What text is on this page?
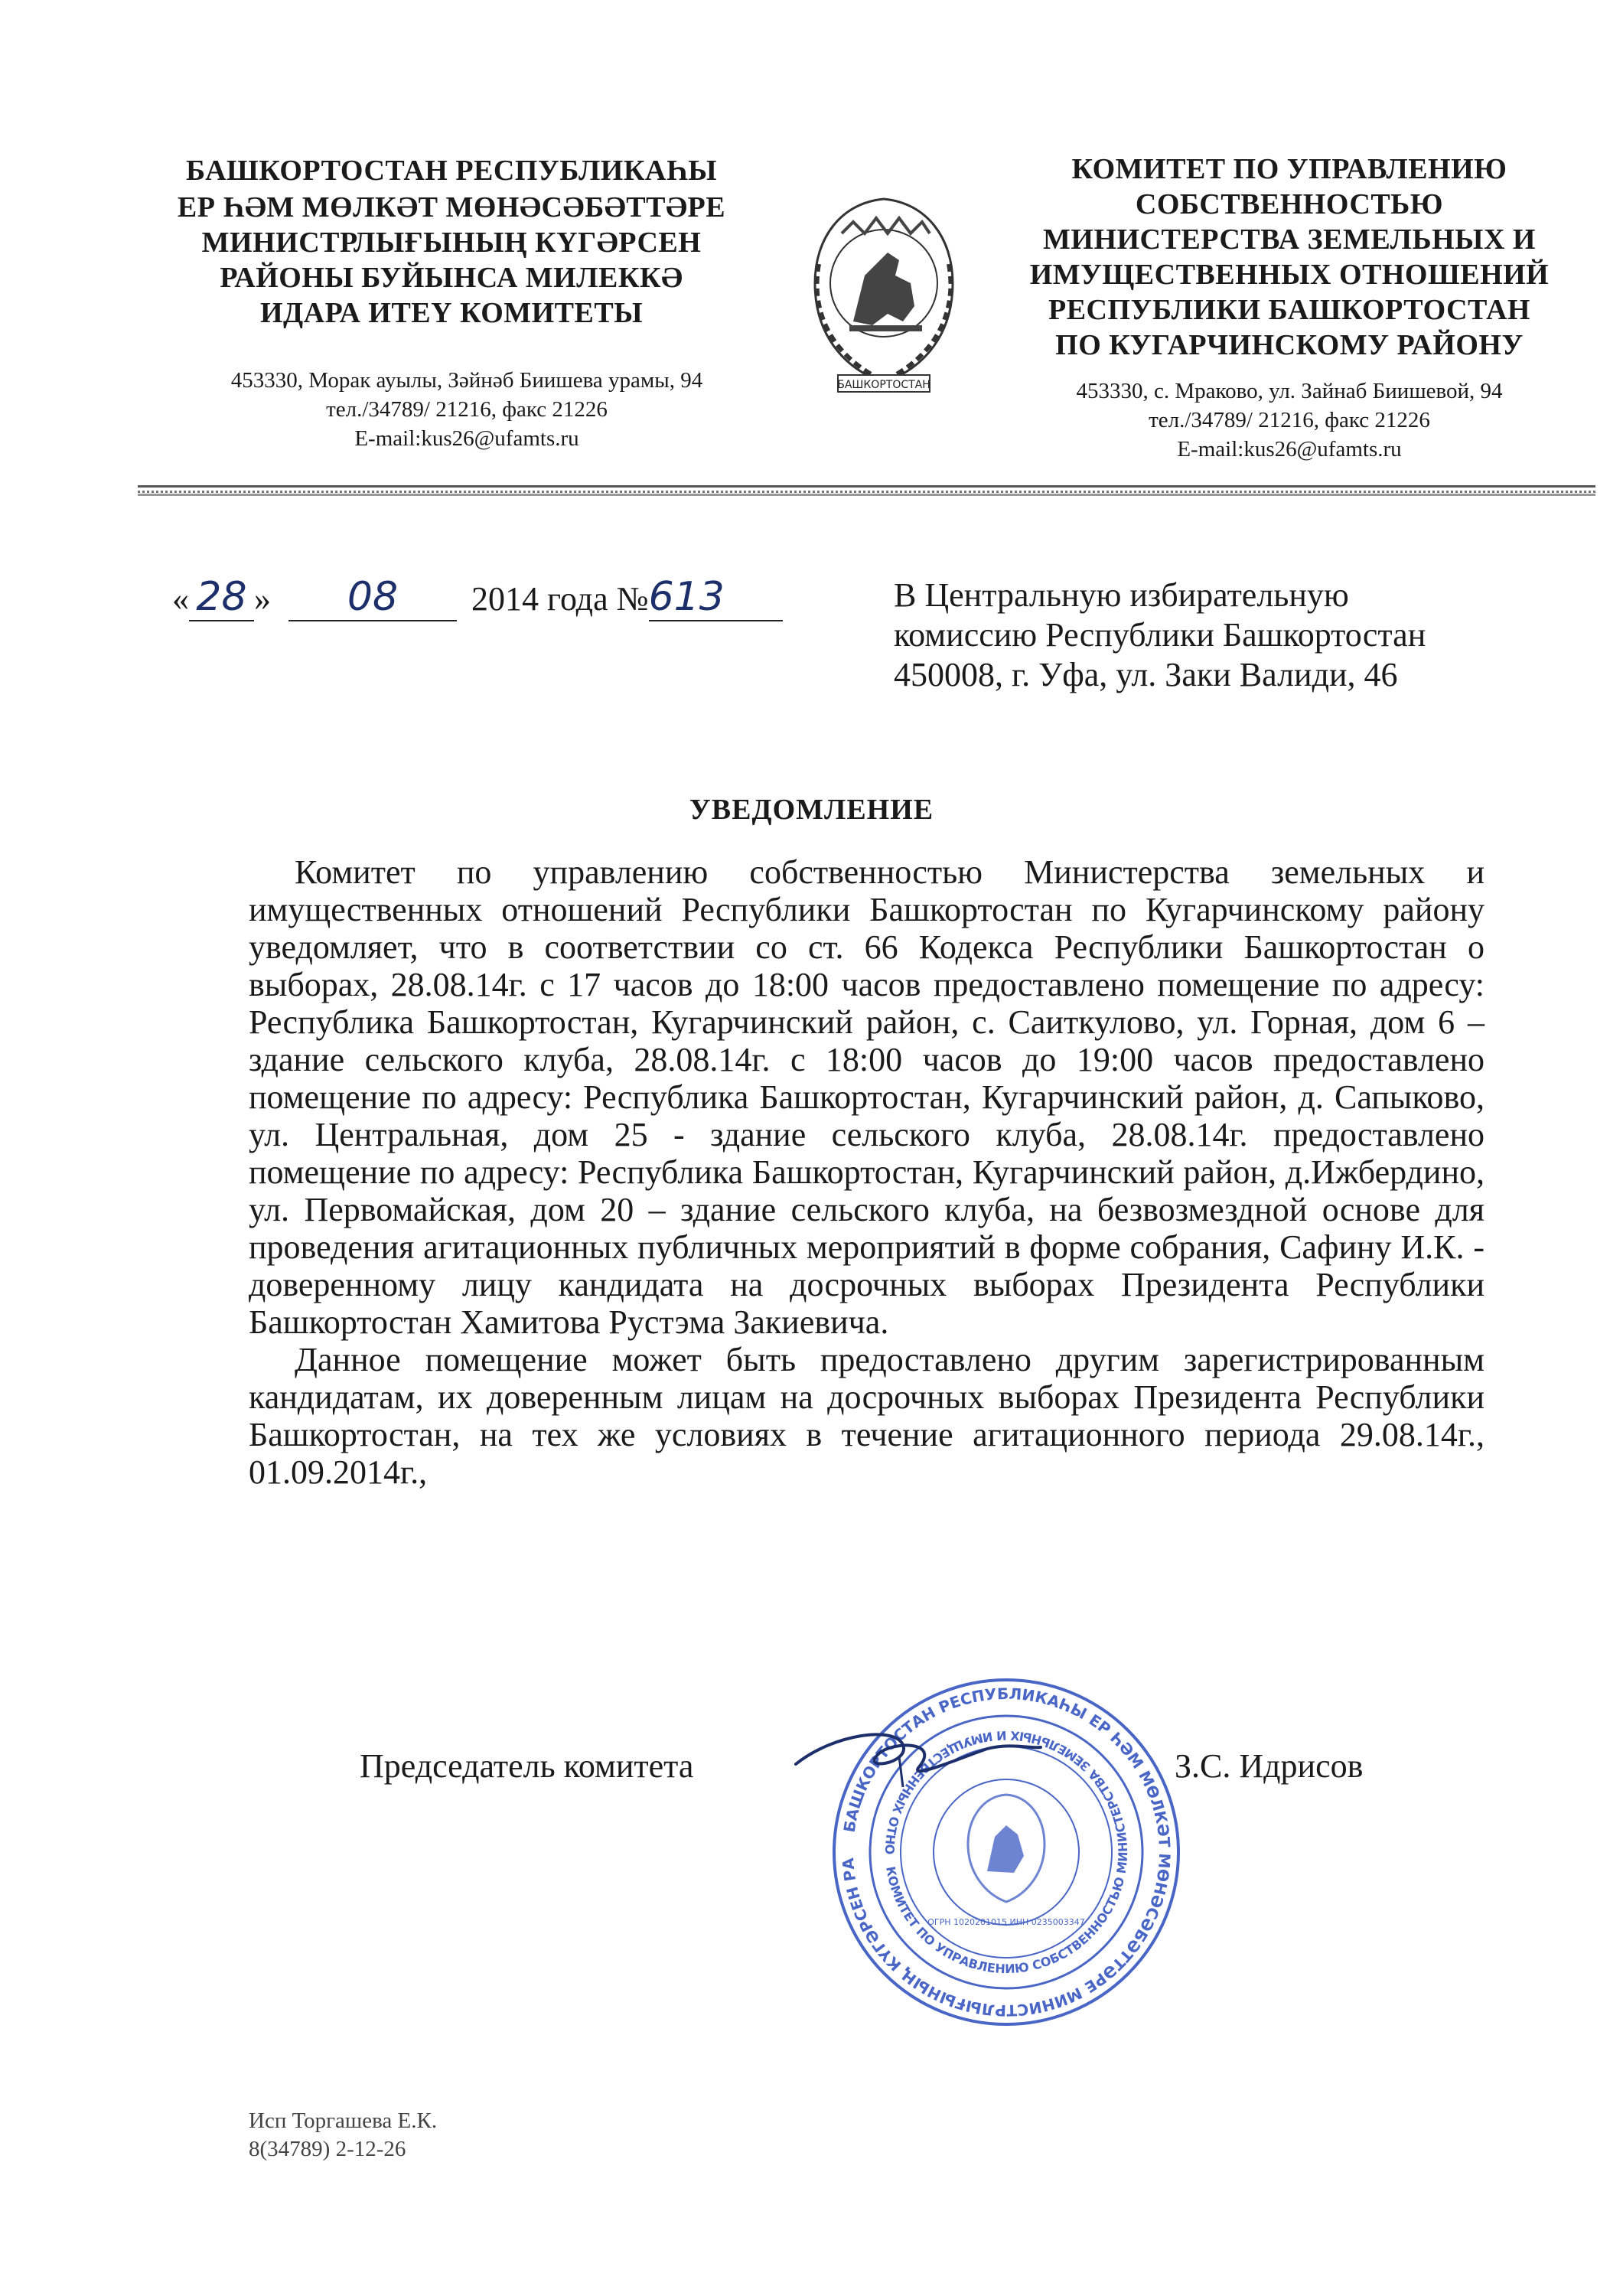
БАШКОРТОСТАН РЕСПУБЛИКАҺЫ
ЕР ҺӘМ МӨЛКӘТ МӨНӘСӘБӘТТӘРЕ
МИНИСТРЛЫҒЫНЫҢ КҮГӘРСЕН
РАЙОНЫ БУЙЫНСА МИЛЕККӘ
ИДАРА ИТЕҮ КОМИТЕТЫ
453330, Морак ауылы, Зәйнәб Биишева урамы, 94
тел./34789/ 21216, факс 21226
E-mail:kus26@ufamts.ru
БАШКОРТОСТАН
КОМИТЕТ ПО УПРАВЛЕНИЮ
СОБСТВЕННОСТЬЮ
МИНИСТЕРСТВА ЗЕМЕЛЬНЫХ И
ИМУЩЕСТВЕННЫХ ОТНОШЕНИЙ
РЕСПУБЛИКИ БАШКОРТОСТАН
ПО КУГАРЧИНСКОМУ РАЙОНУ
453330, с. Мраково, ул. Зайнаб Биишевой, 94
тел./34789/ 21216, факс 21226
E-mail:kus26@ufamts.ru
« 28 » 08 2014 года №613	В Центральную избирательную
комиссию Республики Башкортостан
450008, г. Уфа, ул. Заки Валиди, 46
УВЕДОМЛЕНИЕ

Комитет по управлению собственностью Министерства земельных и имущественных отношений Республики Башкортостан по Кугарчинскому району уведомляет, что в соответствии со ст. 66 Кодекса Республики Башкортостан о выборах, 28.08.14г. с 17 часов до 18:00 часов предоставлено помещение по адресу: Республика Башкортостан, Кугарчинский район, с. Саиткулово, ул. Горная, дом 6 – здание сельского клуба, 28.08.14г. с 18:00 часов до 19:00 часов предоставлено помещение по адресу: Республика Башкортостан, Кугарчинский район, д. Сапыково, ул. Центральная, дом 25 - здание сельского клуба, 28.08.14г. предоставлено помещение по адресу: Республика Башкортостан, Кугарчинский район, д.Ижбердино, ул. Первомайская, дом 20 – здание сельского клуба, на безвозмездной основе для проведения агитационных публичных мероприятий в форме собрания, Сафину И.К. - доверенному лицу кандидата на досрочных выборах Президента Республики Башкортостан Хамитова Рустэма Закиевича.

Данное помещение может быть предоставлено другим зарегистрированным кандидатам, их доверенным лицам на досрочных выборах Президента Республики Башкортостан, на тех же условиях в течение агитационного периода 29.08.14г., 01.09.2014г.,

БАШКОРТОСТАН РЕСПУБЛИКАҺЫ ЕР ҺӘМ МӨЛКӘТ МӨНӘСӘБӘТТӘРЕ МИНИСТРЛЫҒЫНЫҢ КҮГӘРСЕН РА
КОМИТЕТ ПО УПРАВЛЕНИЮ СОБСТВЕННОСТЬЮ МИНИСТЕРСТВА ЗЕМЕЛЬНЫХ И ИМУЩЕСТВЕННЫХ ОТНО
ОГРН 1020201015 ИНН 0235003347
Председатель комитета	З.С. Идрисов
Исп Торгашева Е.К.
8(34789) 2-12-26
